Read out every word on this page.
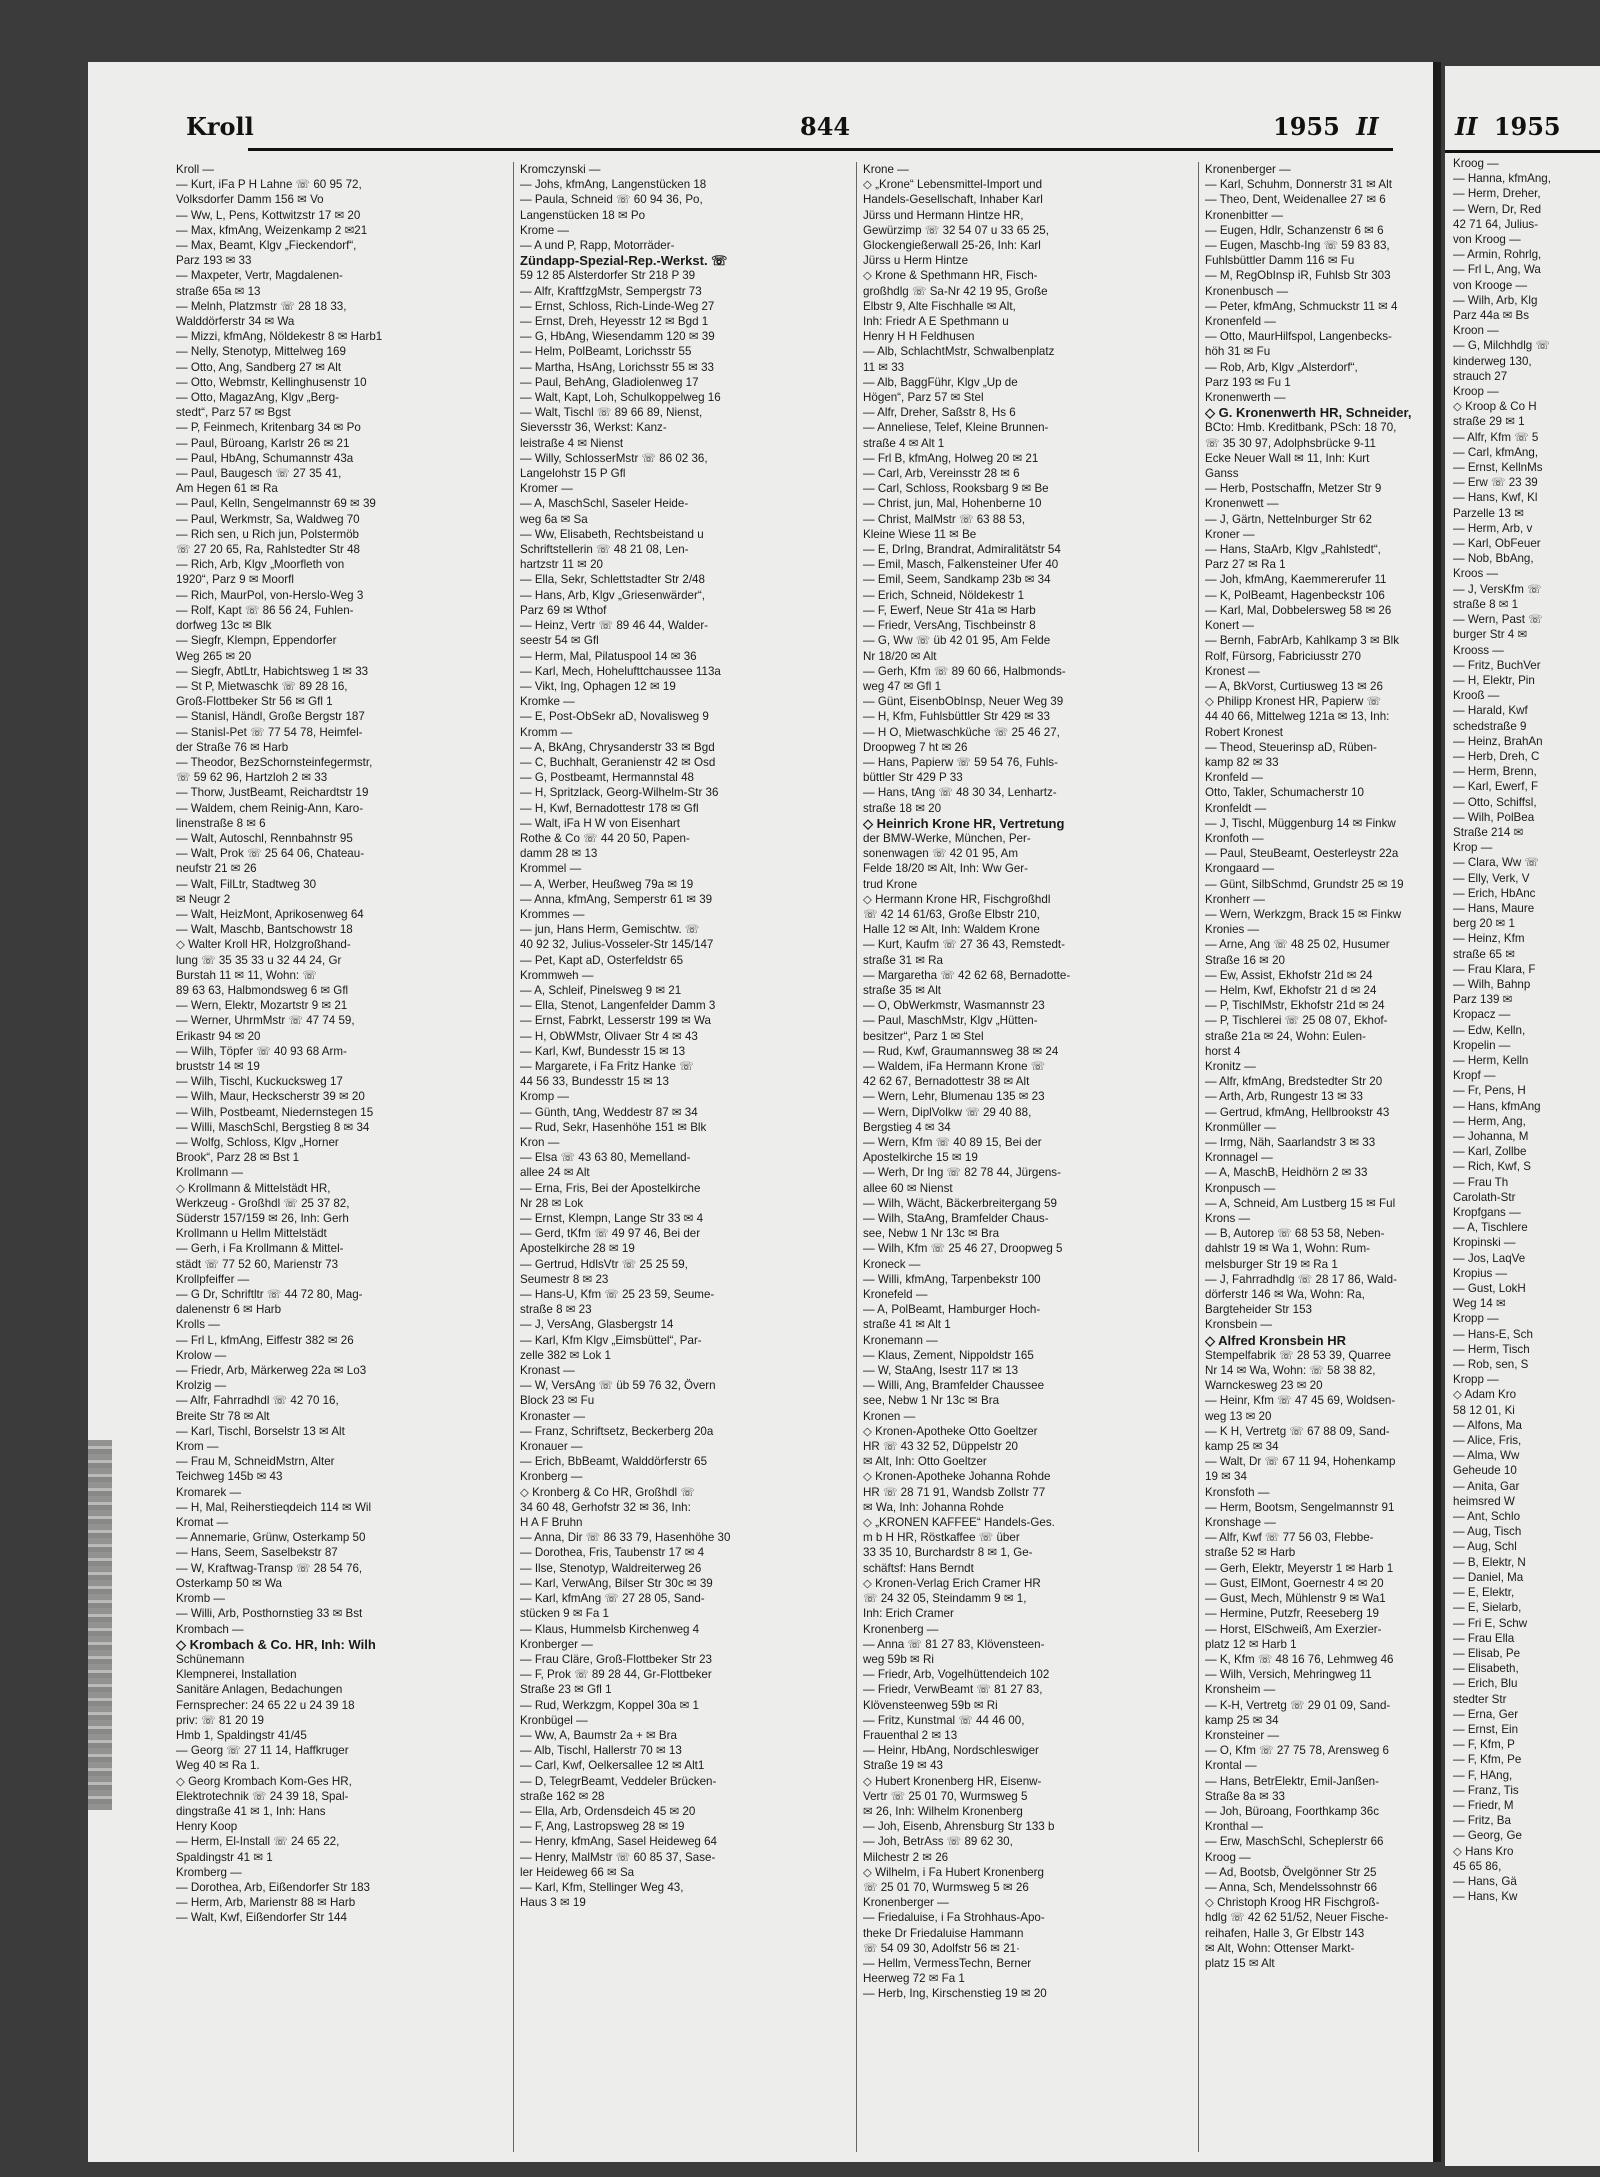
Kroll	844	1955 II
Kroll —
— Kurt, iFa P H Lahne ☏ 60 95 72,
Volksdorfer Damm 156 ✉ Vo
— Ww, L, Pens, Kottwitzstr 17 ✉ 20
— Max, kfmAng, Weizenkamp 2 ✉21
— Max, Beamt, Klgv „Fieckendorf“,
Parz 193 ✉ 33
— Maxpeter, Vertr, Magdalenen-
straße 65a ✉ 13
— Melnh, Platzmstr ☏ 28 18 33,
Walddörferstr 34 ✉ Wa
— Mizzi, kfmAng, Nöldekestr 8 ✉ Harb1
— Nelly, Stenotyp, Mittelweg 169
— Otto, Ang, Sandberg 27 ✉ Alt
— Otto, Webmstr, Kellinghusenstr 10
— Otto, MagazAng, Klgv „Berg-
stedt“, Parz 57 ✉ Bgst
— P, Feinmech, Kritenbarg 34 ✉ Po
— Paul, Büroang, Karlstr 26 ✉ 21
— Paul, HbAng, Schumannstr 43a
— Paul, Baugesch ☏ 27 35 41,
Am Hegen 61 ✉ Ra
— Paul, Kelln, Sengelmannstr 69 ✉ 39
— Paul, Werkmstr, Sa, Waldweg 70
— Rich sen, u Rich jun, Polstermöb
☏ 27 20 65, Ra, Rahlstedter Str 48
— Rich, Arb, Klgv „Moorfleth von
1920“, Parz 9 ✉ Moorfl
— Rich, MaurPol, von-Herslo-Weg 3
— Rolf, Kapt ☏ 86 56 24, Fuhlen-
dorfweg 13c ✉ Blk
— Siegfr, Klempn, Eppendorfer
Weg 265 ✉ 20
— Siegfr, AbtLtr, Habichtsweg 1 ✉ 33
— St P, Mietwaschk ☏ 89 28 16,
Groß-Flottbeker Str 56 ✉ Gfl 1
— Stanisl, Händl, Große Bergstr 187
— Stanisl-Pet ☏ 77 54 78, Heimfel-
der Straße 76 ✉ Harb
— Theodor, BezSchornsteinfegermstr,
☏ 59 62 96, Hartzloh 2 ✉ 33
— Thorw, JustBeamt, Reichardtstr 19
— Waldem, chem Reinig-Ann, Karo-
linenstraße 8 ✉ 6
— Walt, Autoschl, Rennbahnstr 95
— Walt, Prok ☏ 25 64 06, Chateau-
neufstr 21 ✉ 26
— Walt, FilLtr, Stadtweg 30
✉ Neugr 2
— Walt, HeizMont, Aprikosenweg 64
— Walt, Maschb, Bantschowstr 18
◇ Walter Kroll HR, Holzgroßhand-
lung ☏ 35 35 33 u 32 44 24, Gr
Burstah 11 ✉ 11, Wohn: ☏
89 63 63, Halbmondsweg 6 ✉ Gfl
— Wern, Elektr, Mozartstr 9 ✉ 21
— Werner, UhrmMstr ☏ 47 74 59,
Erikastr 94 ✉ 20
— Wilh, Töpfer ☏ 40 93 68 Arm-
bruststr 14 ✉ 19
— Wilh, Tischl, Kuckucksweg 17
— Wilh, Maur, Heckscherstr 39 ✉ 20
— Wilh, Postbeamt, Niedernstegen 15
— Willi, MaschSchl, Bergstieg 8 ✉ 34
— Wolfg, Schloss, Klgv „Horner
Brook“, Parz 28 ✉ Bst 1
Krollmann —
◇ Krollmann & Mittelstädt HR,
Werkzeug - Großhdl ☏ 25 37 82,
Süderstr 157/159 ✉ 26, Inh: Gerh
Krollmann u Hellm Mittelstädt
— Gerh, i Fa Krollmann & Mittel-
städt ☏ 77 52 60, Marienstr 73
Krollpfeiffer —
— G Dr, Schriftltr ☏ 44 72 80, Mag-
dalenenstr 6 ✉ Harb
Krolls —
— Frl L, kfmAng, Eiffestr 382 ✉ 26
Krolow —
— Friedr, Arb, Märkerweg 22a ✉ Lo3
Krolzig —
— Alfr, Fahrradhdl ☏ 42 70 16,
Breite Str 78 ✉ Alt
— Karl, Tischl, Borselstr 13 ✉ Alt
Krom —
— Frau M, SchneidMstrn, Alter
Teichweg 145b ✉ 43
Kromarek —
— H, Mal, Reiherstieqdeich 114 ✉ Wil
Kromat —
— Annemarie, Grünw, Osterkamp 50
— Hans, Seem, Saselbekstr 87
— W, Kraftwag-Transp ☏ 28 54 76,
Osterkamp 50 ✉ Wa
Kromb —
— Willi, Arb, Posthornstieg 33 ✉ Bst
Krombach —
◇ Krombach & Co. HR, Inh: Wilh
Schünemann
Klempnerei, Installation
Sanitäre Anlagen, Bedachungen
Fernsprecher: 24 65 22 u 24 39 18
priv: ☏ 81 20 19
Hmb 1, Spaldingstr 41/45
— Georg ☏ 27 11 14, Haffkruger
Weg 40 ✉ Ra 1.
◇ Georg Krombach Kom-Ges HR,
Elektrotechnik ☏ 24 39 18, Spal-
dingstraße 41 ✉ 1, Inh: Hans
Henry Koop
— Herm, El-Install ☏ 24 65 22,
Spaldingstr 41 ✉ 1
Kromberg —
— Dorothea, Arb, Eißendorfer Str 183
— Herm, Arb, Marienstr 88 ✉ Harb
— Walt, Kwf, Eißendorfer Str 144
Kromczynski —
— Johs, kfmAng, Langenstücken 18
— Paula, Schneid ☏ 60 94 36, Po,
Langenstücken 18 ✉ Po
Krome —
— A und P, Rapp, Motorräder-
Zündapp-Spezial-Rep.-Werkst. ☏
59 12 85 Alsterdorfer Str 218 P 39
— Alfr, KraftfzgMstr, Sempergstr 73
— Ernst, Schloss, Rich-Linde-Weg 27
— Ernst, Dreh, Heyesstr 12 ✉ Bgd 1
— G, HbAng, Wiesendamm 120 ✉ 39
— Helm, PolBeamt, Lorichsstr 55
— Martha, HsAng, Lorichsstr 55 ✉ 33
— Paul, BehAng, Gladiolenweg 17
— Walt, Kapt, Loh, Schulkoppelweg 16
— Walt, Tischl ☏ 89 66 89, Nienst,
Sieversstr 36, Werkst: Kanz-
leistraße 4 ✉ Nienst
— Willy, SchlosserMstr ☏ 86 02 36,
Langelohstr 15 P Gfl
Kromer —
— A, MaschSchl, Saseler Heide-
weg 6a ✉ Sa
— Ww, Elisabeth, Rechtsbeistand u
Schriftstellerin ☏ 48 21 08, Len-
hartzstr 11 ✉ 20
— Ella, Sekr, Schlettstadter Str 2/48
— Hans, Arb, Klgv „Griesenwärder“,
Parz 69 ✉ Wthof
— Heinz, Vertr ☏ 89 46 44, Walder-
seestr 54 ✉ Gfl
— Herm, Mal, Pilatuspool 14 ✉ 36
— Karl, Mech, Hohelufttchaussee 113a
— Vikt, Ing, Ophagen 12 ✉ 19
Kromke —
— E, Post-ObSekr aD, Novalisweg 9
Kromm —
— A, BkAng, Chrysanderstr 33 ✉ Bgd
— C, Buchhalt, Geranienstr 42 ✉ Osd
— G, Postbeamt, Hermannstal 48
— H, Spritzlack, Georg-Wilhelm-Str 36
— H, Kwf, Bernadottestr 178 ✉ Gfl
— Walt, iFa H W von Eisenhart
Rothe & Co ☏ 44 20 50, Papen-
damm 28 ✉ 13
Krommel —
— A, Werber, Heußweg 79a ✉ 19
— Anna, kfmAng, Semperstr 61 ✉ 39
Krommes —
— jun, Hans Herm, Gemischtw. ☏
40 92 32, Julius-Vosseler-Str 145/147
— Pet, Kapt aD, Osterfeldstr 65
Krommweh —
— A, Schleif, Pinelsweg 9 ✉ 21
— Ella, Stenot, Langenfelder Damm 3
— Ernst, Fabrkt, Lesserstr 199 ✉ Wa
— H, ObWMstr, Olivaer Str 4 ✉ 43
— Karl, Kwf, Bundesstr 15 ✉ 13
— Margarete, i Fa Fritz Hanke ☏
44 56 33, Bundesstr 15 ✉ 13
Kromp —
— Günth, tAng, Weddestr 87 ✉ 34
— Rud, Sekr, Hasenhöhe 151 ✉ Blk
Kron —
— Elsa ☏ 43 63 80, Memelland-
allee 24 ✉ Alt
— Erna, Fris, Bei der Apostelkirche
Nr 28 ✉ Lok
— Ernst, Klempn, Lange Str 33 ✉ 4
— Gerd, tKfm ☏ 49 97 46, Bei der
Apostelkirche 28 ✉ 19
— Gertrud, HdlsVtr ☏ 25 25 59,
Seumestr 8 ✉ 23
— Hans-U, Kfm ☏ 25 23 59, Seume-
straße 8 ✉ 23
— J, VersAng, Glasbergstr 14
— Karl, Kfm Klgv „Eimsbüttel“, Par-
zelle 382 ✉ Lok 1
Kronast —
— W, VersAng ☏ üb 59 76 32, Övern
Block 23 ✉ Fu
Kronaster —
— Franz, Schriftsetz, Beckerberg 20a
Kronauer —
— Erich, BbBeamt, Walddörferstr 65
Kronberg —
◇ Kronberg & Co HR, Großhdl ☏
34 60 48, Gerhofstr 32 ✉ 36, Inh:
H A F Bruhn
— Anna, Dir ☏ 86 33 79, Hasenhöhe 30
— Dorothea, Fris, Taubenstr 17 ✉ 4
— Ilse, Stenotyp, Waldreiterweg 26
— Karl, VerwAng, Bilser Str 30c ✉ 39
— Karl, kfmAng ☏ 27 28 05, Sand-
stücken 9 ✉ Fa 1
— Klaus, Hummelsb Kirchenweg 4
Kronberger —
— Frau Cläre, Groß-Flottbeker Str 23
— F, Prok ☏ 89 28 44, Gr-Flottbeker
Straße 23 ✉ Gfl 1
— Rud, Werkzgm, Koppel 30a ✉ 1
Kronbügel —
— Ww, A, Baumstr 2a + ✉ Bra
— Alb, Tischl, Hallerstr 70 ✉ 13
— Carl, Kwf, Oelkersallee 12 ✉ Alt1
— D, TelegrBeamt, Veddeler Brücken-
straße 162 ✉ 28
— Ella, Arb, Ordensdeich 45 ✉ 20
— F, Ang, Lastropsweg 28 ✉ 19
— Henry, kfmAng, Sasel Heideweg 64
— Henry, MalMstr ☏ 60 85 37, Sase-
ler Heideweg 66 ✉ Sa
— Karl, Kfm, Stellinger Weg 43,
Haus 3 ✉ 19
Krone —
◇ „Krone“ Lebensmittel-Import und
Handels-Gesellschaft, Inhaber Karl
Jürss und Hermann Hintze HR,
Gewürzimp ☏ 32 54 07 u 33 65 25,
Glockengießerwall 25-26, Inh: Karl
Jürss u Herm Hintze
◇ Krone & Spethmann HR, Fisch-
großhdlg ☏ Sa-Nr 42 19 95, Große
Elbstr 9, Alte Fischhalle ✉ Alt,
Inh: Friedr A E Spethmann u
Henry H H Feldhusen
— Alb, SchlachtMstr, Schwalbenplatz
11 ✉ 33
— Alb, BaggFühr, Klgv „Up de
Högen“, Parz 57 ✉ Stel
— Alfr, Dreher, Saßstr 8, Hs 6
— Anneliese, Telef, Kleine Brunnen-
straße 4 ✉ Alt 1
— Frl B, kfmAng, Holweg 20 ✉ 21
— Carl, Arb, Vereinsstr 28 ✉ 6
— Carl, Schloss, Rooksbarg 9 ✉ Be
— Christ, jun, Mal, Hohenberne 10
— Christ, MalMstr ☏ 63 88 53,
Kleine Wiese 11 ✉ Be
— E, DrIng, Brandrat, Admiralitätstr 54
— Emil, Masch, Falkensteiner Ufer 40
— Emil, Seem, Sandkamp 23b ✉ 34
— Erich, Schneid, Nöldekestr 1
— F, Ewerf, Neue Str 41a ✉ Harb
— Friedr, VersAng, Tischbeinstr 8
— G, Ww ☏ üb 42 01 95, Am Felde
Nr 18/20 ✉ Alt
— Gerh, Kfm ☏ 89 60 66, Halbmonds-
weg 47 ✉ Gfl 1
— Günt, EisenbObInsp, Neuer Weg 39
— H, Kfm, Fuhlsbüttler Str 429 ✉ 33
— H O, Mietwaschküche ☏ 25 46 27,
Droopweg 7 ht ✉ 26
— Hans, Papierw ☏ 59 54 76, Fuhls-
büttler Str 429 P 33
— Hans, tAng ☏ 48 30 34, Lenhartz-
straße 18 ✉ 20
◇ Heinrich Krone HR, Vertretung
der BMW-Werke, München, Per-
sonenwagen ☏ 42 01 95, Am
Felde 18/20 ✉ Alt, Inh: Ww Ger-
trud Krone
◇ Hermann Krone HR, Fischgroßhdl
☏ 42 14 61/63, Große Elbstr 210,
Halle 12 ✉ Alt, Inh: Waldem Krone
— Kurt, Kaufm ☏ 27 36 43, Remstedt-
straße 31 ✉ Ra
— Margaretha ☏ 42 62 68, Bernadotte-
straße 35 ✉ Alt
— O, ObWerkmstr, Wasmannstr 23
— Paul, MaschMstr, Klgv „Hütten-
besitzer“, Parz 1 ✉ Stel
— Rud, Kwf, Graumannsweg 38 ✉ 24
— Waldem, iFa Hermann Krone ☏
42 62 67, Bernadottestr 38 ✉ Alt
— Wern, Lehr, Blumenau 135 ✉ 23
— Wern, DiplVolkw ☏ 29 40 88,
Bergstieg 4 ✉ 34
— Wern, Kfm ☏ 40 89 15, Bei der
Apostelkirche 15 ✉ 19
— Werh, Dr Ing ☏ 82 78 44, Jürgens-
allee 60 ✉ Nienst
— Wilh, Wächt, Bäckerbreitergang 59
— Wilh, StaAng, Bramfelder Chaus-
see, Nebw 1 Nr 13c ✉ Bra
— Wilh, Kfm ☏ 25 46 27, Droopweg 5
Kroneck —
— Willi, kfmAng, Tarpenbekstr 100
Kronefeld —
— A, PolBeamt, Hamburger Hoch-
straße 41 ✉ Alt 1
Kronemann —
— Klaus, Zement, Nippoldstr 165
— W, StaAng, Isestr 117 ✉ 13
— Willi, Ang, Bramfelder Chaussee
see, Nebw 1 Nr 13c ✉ Bra
Kronen —
◇ Kronen-Apotheke Otto Goeltzer
HR ☏ 43 32 52, Düppelstr 20
✉ Alt, Inh: Otto Goeltzer
◇ Kronen-Apotheke Johanna Rohde
HR ☏ 28 71 91, Wandsb Zollstr 77
✉ Wa, Inh: Johanna Rohde
◇ „KRONEN KAFFEE“ Handels-Ges.
m b H HR, Röstkaffee ☏ über
33 35 10, Burchardstr 8 ✉ 1, Ge-
schäftsf: Hans Berndt
◇ Kronen-Verlag Erich Cramer HR
☏ 24 32 05, Steindamm 9 ✉ 1,
Inh: Erich Cramer
Kronenberg —
— Anna ☏ 81 27 83, Klövensteen-
weg 59b ✉ Ri
— Friedr, Arb, Vogelhüttendeich 102
— Friedr, VerwBeamt ☏ 81 27 83,
Klövensteenweg 59b ✉ Ri
— Fritz, Kunstmal ☏ 44 46 00,
Frauenthal 2 ✉ 13
— Heinr, HbAng, Nordschleswiger
Straße 19 ✉ 43
◇ Hubert Kronenberg HR, Eisenw-
Vertr ☏ 25 01 70, Wurmsweg 5
✉ 26, Inh: Wilhelm Kronenberg
— Joh, Eisenb, Ahrensburg Str 133 b
— Joh, BetrAss ☏ 89 62 30,
Milchestr 2 ✉ 26
◇ Wilhelm, i Fa Hubert Kronenberg
☏ 25 01 70, Wurmsweg 5 ✉ 26
Kronenberger —
— Friedaluise, i Fa Strohhaus-Apo-
theke Dr Friedaluise Hammann
☏ 54 09 30, Adolfstr 56 ✉ 21·
— Hellm, VermessTechn, Berner
Heerweg 72 ✉ Fa 1
— Herb, Ing, Kirschenstieg 19 ✉ 20
Kronenberger —
— Karl, Schuhm, Donnerstr 31 ✉ Alt
— Theo, Dent, Weidenallee 27 ✉ 6
Kronenbitter —
— Eugen, Hdlr, Schanzenstr 6 ✉ 6
— Eugen, Maschb-Ing ☏ 59 83 83,
Fuhlsbüttler Damm 116 ✉ Fu
— M, RegObInsp iR, Fuhlsb Str 303
Kronenbusch —
— Peter, kfmAng, Schmuckstr 11 ✉ 4
Kronenfeld —
— Otto, MaurHilfspol, Langenbecks-
höh 31 ✉ Fu
— Rob, Arb, Klgv „Alsterdorf“,
Parz 193 ✉ Fu 1
Kronenwerth —
◇ G. Kronenwerth HR, Schneider,
BCto: Hmb. Kreditbank, PSch: 18 70,
☏ 35 30 97, Adolphsbrücke 9-11
Ecke Neuer Wall ✉ 11, Inh: Kurt
Ganss
— Herb, Postschaffn, Metzer Str 9
Kronenwett —
— J, Gärtn, Nettelnburger Str 62
Kroner —
— Hans, StaArb, Klgv „Rahlstedt“,
Parz 27 ✉ Ra 1
— Joh, kfmAng, Kaemmererufer 11
— K, PolBeamt, Hagenbeckstr 106
— Karl, Mal, Dobbelersweg 58 ✉ 26
Konert —
— Bernh, FabrArb, Kahlkamp 3 ✉ Blk
Rolf, Fürsorg, Fabriciusstr 270
Kronest —
— A, BkVorst, Curtiusweg 13 ✉ 26
◇ Philipp Kronest HR, Papierw ☏
44 40 66, Mittelweg 121a ✉ 13, Inh:
Robert Kronest
— Theod, Steuerinsp aD, Rüben-
kamp 82 ✉ 33
Kronfeld —
Otto, Takler, Schumacherstr 10
Kronfeldt —
— J, Tischl, Müggenburg 14 ✉ Finkw
Kronfoth —
— Paul, SteuBeamt, Oesterleystr 22a
Krongaard —
— Günt, SilbSchmd, Grundstr 25 ✉ 19
Kronherr —
— Wern, Werkzgm, Brack 15 ✉ Finkw
Kronies —
— Arne, Ang ☏ 48 25 02, Husumer
Straße 16 ✉ 20
— Ew, Assist, Ekhofstr 21d ✉ 24
— Helm, Kwf, Ekhofstr 21 d ✉ 24
— P, TischlMstr, Ekhofstr 21d ✉ 24
— P, Tischlerei ☏ 25 08 07, Ekhof-
straße 21a ✉ 24, Wohn: Eulen-
horst 4
Kronitz —
— Alfr, kfmAng, Bredstedter Str 20
— Arth, Arb, Rungestr 13 ✉ 33
— Gertrud, kfmAng, Hellbrookstr 43
Kronmüller —
— Irmg, Näh, Saarlandstr 3 ✉ 33
Kronnagel —
— A, MaschB, Heidhörn 2 ✉ 33
Kronpusch —
— A, Schneid, Am Lustberg 15 ✉ Ful
Krons —
— B, Autorep ☏ 68 53 58, Neben-
dahlstr 19 ✉ Wa 1, Wohn: Rum-
melsburger Str 19 ✉ Ra 1
— J, Fahrradhdlg ☏ 28 17 86, Wald-
dörferstr 146 ✉ Wa, Wohn: Ra,
Bargteheider Str 153
Kronsbein —
◇ Alfred Kronsbein HR
Stempelfabrik ☏ 28 53 39, Quarree
Nr 14 ✉ Wa, Wohn: ☏ 58 38 82,
Warnckesweg 23 ✉ 20
— Heinr, Kfm ☏ 47 45 69, Woldsen-
weg 13 ✉ 20
— K H, Vertretg ☏ 67 88 09, Sand-
kamp 25 ✉ 34
— Walt, Dr ☏ 67 11 94, Hohenkamp
19 ✉ 34
Kronsfoth —
— Herm, Bootsm, Sengelmannstr 91
Kronshage —
— Alfr, Kwf ☏ 77 56 03, Flebbe-
straße 52 ✉ Harb
— Gerh, Elektr, Meyerstr 1 ✉ Harb 1
— Gust, ElMont, Goernestr 4 ✉ 20
— Gust, Mech, Mühlenstr 9 ✉ Wa1
— Hermine, Putzfr, Reeseberg 19
— Horst, ElSchweiß, Am Exerzier-
platz 12 ✉ Harb 1
— K, Kfm ☏ 48 16 76, Lehmweg 46
— Wilh, Versich, Mehringweg 11
Kronsheim —
— K-H, Vertretg ☏ 29 01 09, Sand-
kamp 25 ✉ 34
Kronsteiner —
— O, Kfm ☏ 27 75 78, Arensweg 6
Krontal —
— Hans, BetrElektr, Emil-Janßen-
Straße 8a ✉ 33
— Joh, Büroang, Foorthkamp 36c
Kronthal —
— Erw, MaschSchl, Scheplerstr 66
Kroog —
— Ad, Bootsb, Övelgönner Str 25
— Anna, Sch, Mendelssohnstr 66
◇ Christoph Kroog HR Fischgroß-
hdlg ☏ 42 62 51/52, Neuer Fische-
reihafen, Halle 3, Gr Elbstr 143
✉ Alt, Wohn: Ottenser Markt-
platz 15 ✉ Alt
II 1955
Kroog —
— Hanna, kfmAng,
— Herm, Dreher,
— Wern, Dr, Red
42 71 64, Julius-
von Kroog —
— Armin, Rohrlg,
— Frl L, Ang, Wa
von Krooge —
— Wilh, Arb, Klg
Parz 44a ✉ Bs
Kroon —
— G, Milchhdlg ☏
kinderweg 130,
strauch 27
Kroop —
◇ Kroop & Co H
straße 29 ✉ 1
— Alfr, Kfm ☏ 5
— Carl, kfmAng,
— Ernst, KellnMs
— Erw ☏ 23 39
— Hans, Kwf, Kl
Parzelle 13 ✉
— Herm, Arb, v
— Karl, ObFeuer
— Nob, BbAng,
Kroos —
— J, VersKfm ☏
straße 8 ✉ 1
— Wern, Past ☏
burger Str 4 ✉
Krooss —
— Fritz, BuchVer
— H, Elektr, Pin
Krooß —
— Harald, Kwf
schedstraße 9
— Heinz, BrahAn
— Herb, Dreh, C
— Herm, Brenn,
— Karl, Ewerf, F
— Otto, Schiffsl,
— Wilh, PolBea
Straße 214 ✉
Krop —
— Clara, Ww ☏
— Elly, Verk, V
— Erich, HbAnc
— Hans, Maure
berg 20 ✉ 1
— Heinz, Kfm
straße 65 ✉
— Frau Klara, F
— Wilh, Bahnp
Parz 139 ✉
Kropacz —
— Edw, Kelln,
Kropelin —
— Herm, Kelln
Kropf —
— Fr, Pens, H
— Hans, kfmAng
— Herm, Ang,
— Johanna, M
— Karl, Zollbe
— Rich, Kwf, S
— Frau Th
Carolath-Str
Kropfgans —
— A, Tischlere
Kropinski —
— Jos, LaqVe
Kropius —
— Gust, LokH
Weg 14 ✉
Kropp —
— Hans-E, Sch
— Herm, Tisch
— Rob, sen, S
Kropp —
◇ Adam Kro
58 12 01, Ki
— Alfons, Ma
— Alice, Fris,
— Alma, Ww
Geheude 10
— Anita, Gar
heimsred W
— Ant, Schlo
— Aug, Tisch
— Aug, Schl
— B, Elektr, N
— Daniel, Ma
— E, Elektr,
— E, Sielarb,
— Fri E, Schw
— Frau Ella
— Elisab, Pe
— Elisabeth,
— Erich, Blu
stedter Str
— Erna, Ger
— Ernst, Ein
— F, Kfm, P
— F, Kfm, Pe
— F, HAng,
— Franz, Tis
— Friedr, M
— Fritz, Ba
— Georg, Ge
◇ Hans Kro
45 65 86,
— Hans, Gä
— Hans, Kw
